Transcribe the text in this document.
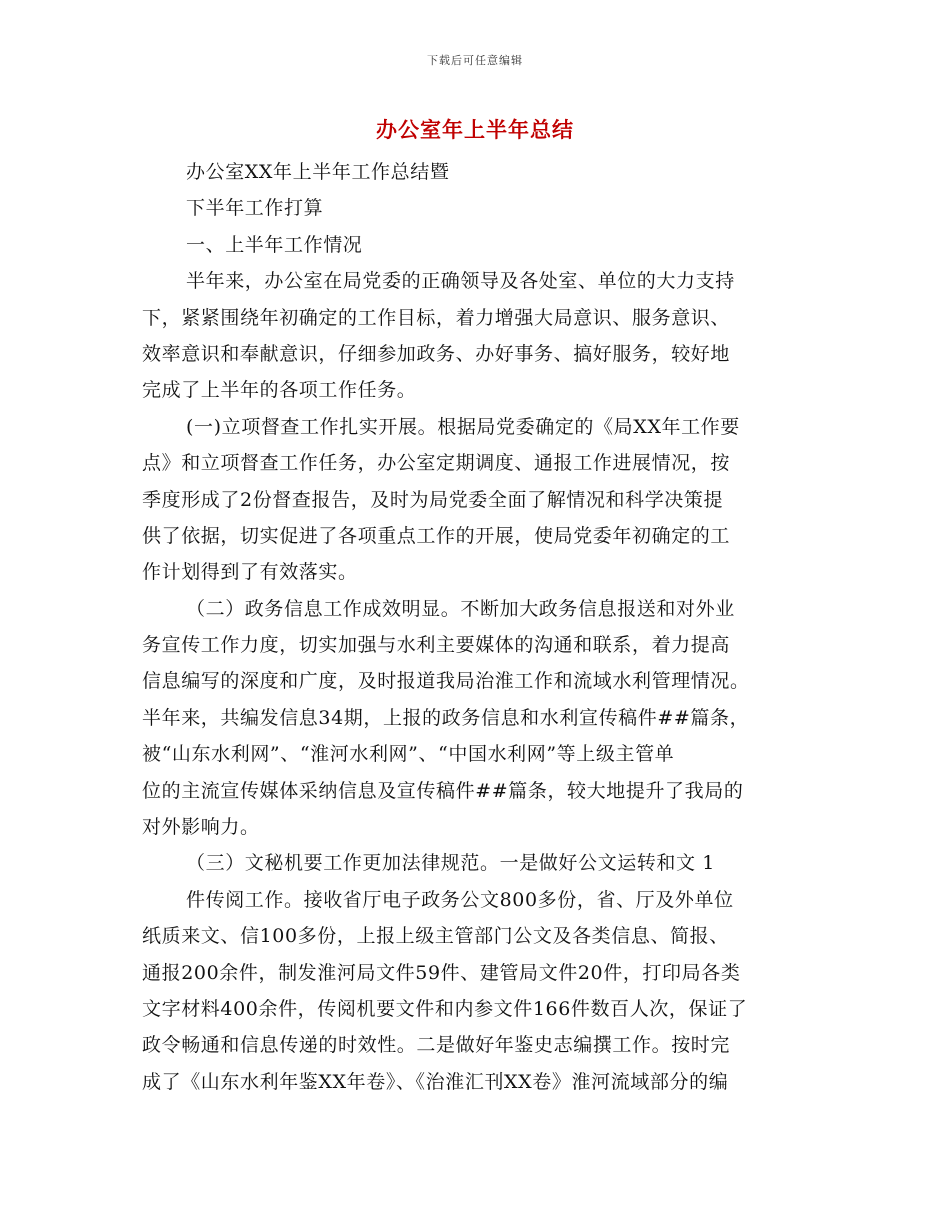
下载后可任意编辑
办公室年上半年总结
办公室XX年上半年工作总结暨
下半年工作打算
一、上半年工作情况
半年来，办公室在局党委的正确领导及各处室、单位的大力支持
下，紧紧围绕年初确定的工作目标，着力增强大局意识、服务意识、
效率意识和奉献意识，仔细参加政务、办好事务、搞好服务，较好地
完成了上半年的各项工作任务。
(一)立项督查工作扎实开展。根据局党委确定的《局XX年工作要
点》和立项督查工作任务，办公室定期调度、通报工作进展情况，按
季度形成了2份督查报告，及时为局党委全面了解情况和科学决策提
供了依据，切实促进了各项重点工作的开展，使局党委年初确定的工
作计划得到了有效落实。
（二）政务信息工作成效明显。不断加大政务信息报送和对外业
务宣传工作力度，切实加强与水利主要媒体的沟通和联系，着力提高
信息编写的深度和广度，及时报道我局治淮工作和流域水利管理情况。
半年来，共编发信息34期，上报的政务信息和水利宣传稿件##篇条，
被“山东水利网”、“淮河水利网”、“中国水利网”等上级主管单
位的主流宣传媒体采纳信息及宣传稿件##篇条，较大地提升了我局的
对外影响力。
（三）文秘机要工作更加法律规范。一是做好公文运转和文 1
件传阅工作。接收省厅电子政务公文800多份，省、厅及外单位
纸质来文、信100多份，上报上级主管部门公文及各类信息、简报、
通报200余件，制发淮河局文件59件、建管局文件20件，打印局各类
文字材料400余件，传阅机要文件和内参文件166件数百人次，保证了
政令畅通和信息传递的时效性。二是做好年鉴史志编撰工作。按时完
成了《山东水利年鉴XX年卷》、《治淮汇刊XX卷》淮河流域部分的编
